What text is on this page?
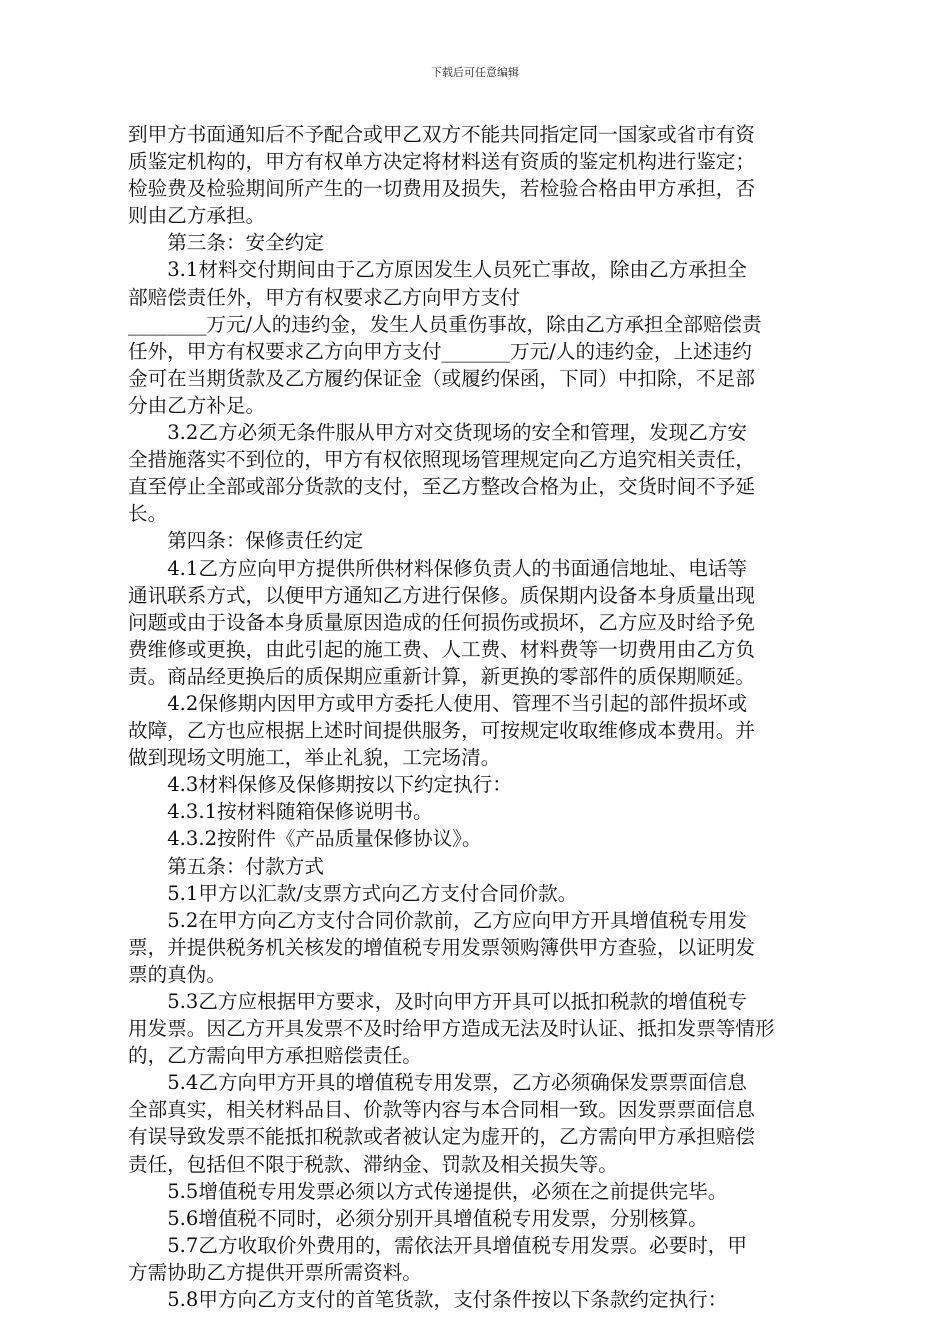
下载后可任意编辑

到甲方书面通知后不予配合或甲乙双方不能共同指定同一国家或省市有资

质鉴定机构的，甲方有权单方决定将材料送有资质的鉴定机构进行鉴定；

检验费及检验期间所产生的一切费用及损失，若检验合格由甲方承担，否

则由乙方承担。

第三条：安全约定

3.1材料交付期间由于乙方原因发生人员死亡事故，除由乙方承担全

部赔偿责任外，甲方有权要求乙方向甲方支付

________万元/人的违约金，发生人员重伤事故，除由乙方承担全部赔偿责

任外，甲方有权要求乙方向甲方支付_______万元/人的违约金，上述违约

金可在当期货款及乙方履约保证金（或履约保函，下同）中扣除，不足部

分由乙方补足。

3.2乙方必须无条件服从甲方对交货现场的安全和管理，发现乙方安

全措施落实不到位的，甲方有权依照现场管理规定向乙方追究相关责任，

直至停止全部或部分货款的支付，至乙方整改合格为止，交货时间不予延

长。

第四条：保修责任约定

4.1乙方应向甲方提供所供材料保修负责人的书面通信地址、电话等

通讯联系方式，以便甲方通知乙方进行保修。质保期内设备本身质量出现

问题或由于设备本身质量原因造成的任何损伤或损坏，乙方应及时给予免

费维修或更换，由此引起的施工费、人工费、材料费等一切费用由乙方负

责。商品经更换后的质保期应重新计算，新更换的零部件的质保期顺延。

4.2保修期内因甲方或甲方委托人使用、管理不当引起的部件损坏或

故障，乙方也应根据上述时间提供服务，可按规定收取维修成本费用。并

做到现场文明施工，举止礼貌，工完场清。

4.3材料保修及保修期按以下约定执行：

4.3.1按材料随箱保修说明书。

4.3.2按附件《产品质量保修协议》。

第五条：付款方式

5.1甲方以汇款/支票方式向乙方支付合同价款。

5.2在甲方向乙方支付合同价款前，乙方应向甲方开具增值税专用发

票，并提供税务机关核发的增值税专用发票领购簿供甲方查验，以证明发

票的真伪。

5.3乙方应根据甲方要求，及时向甲方开具可以抵扣税款的增值税专

用发票。因乙方开具发票不及时给甲方造成无法及时认证、抵扣发票等情形

的，乙方需向甲方承担赔偿责任。

5.4乙方向甲方开具的增值税专用发票，乙方必须确保发票票面信息

全部真实，相关材料品目、价款等内容与本合同相一致。因发票票面信息

有误导致发票不能抵扣税款或者被认定为虚开的，乙方需向甲方承担赔偿

责任，包括但不限于税款、滞纳金、罚款及相关损失等。

5.5增值税专用发票必须以方式传递提供，必须在之前提供完毕。

5.6增值税不同时，必须分别开具增值税专用发票，分别核算。

5.7乙方收取价外费用的，需依法开具增值税专用发票。必要时，甲

方需协助乙方提供开票所需资料。

5.8甲方向乙方支付的首笔货款，支付条件按以下条款约定执行：
